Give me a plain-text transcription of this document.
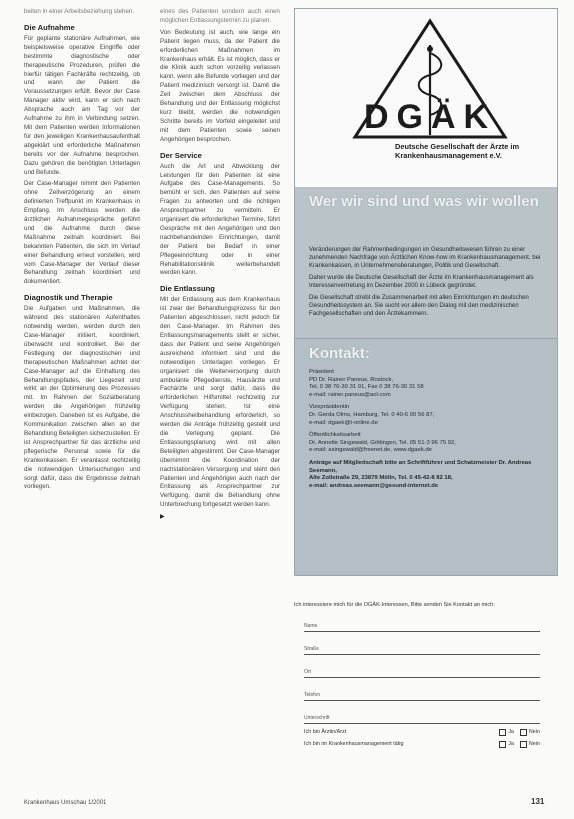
beiten in einer Arbeitsbeziehung stehen.

Die Aufnahme

Für geplante stationäre Aufnahmen, wie beispielsweise operative Eingriffe oder bestimmte diagnostische oder therapeutische Prozeduren, prüfen die hierfür tätigen Fachkräfte rechtzeitig, ob und wann der Patient die Voraussetzungen erfüllt. Bevor der Case Manager aktiv wird, kann er sich nach Absprache auch am Tag vor der Aufnahme zu ihm in Verbindung setzen. Mit dem Patienten werden Informationen für den jeweiligen Krankenhausaufenthalt abgeklärt und erforderliche Maßnahmen bereits vor der Aufnahme besprochen. Dazu gehören die benötigten Unterlagen und Befunde.

Der Case-Manager nimmt den Patienten ohne Zeitverzögerung an einem definierten Treffpunkt im Krankenhaus in Empfang. Im Anschluss werden die ärztlichen Aufnahmegespräche geführt und die Aufnahme durch diese Maßnahme zeitnah koordiniert. Bei bekannten Patienten, die sich im Verlauf einer Behandlung erneut vorstellen, wird vom Case-Manager der Verlauf dieser Behandlung zeitnah koordiniert und dokumentiert.

Diagnostik und Therapie

Die Aufgaben und Maßnahmen, die während des stationären Aufenthaltes notwendig werden, werden durch den Case-Manager initiiert, koordiniert, überwacht und kontrolliert. Bei der Festlegung der diagnostischen und therapeutischen Maßnahmen achtet der Case-Manager auf die Einhaltung des Behandlungspfades, der Liegezeit und wirkt an der Optimierung des Prozesses mit. Im Rahmen der Sozialberatung werden die Angehörigen frühzeitig einbezogen. Daneben ist es Aufgabe, die Kommunikation zwischen allen an der Behandlung Beteiligten sicherzustellen. Er ist Ansprechpartner für das ärztliche und pflegerische Personal sowie für die Krankenkassen. Er veranlasst rechtzeitig die notwendigen Untersuchungen und sorgt dafür, dass die Ergebnisse zeitnah vorliegen.

eines des Patienten sondern auch einen möglichen Entlassungstermin zu planen.

Von Bedeutung ist auch, wie lange ein Patient liegen muss, da der Patient die erforderlichen Maßnahmen im Krankenhaus erhält. Es ist möglich, dass er die Klinik auch schon vorzeitig verlassen kann, wenn alle Befunde vorliegen und der Patient medizinisch versorgt ist. Damit die Zeit zwischen dem Abschluss der Behandlung und der Entlassung möglichst kurz bleibt, werden die notwendigen Schritte bereits im Vorfeld eingeleitet und mit dem Patienten sowie seinen Angehörigen besprochen.

Der Service

Auch die Art und Abwicklung der Leistungen für den Patienten ist eine Aufgabe des Case-Managements. So bemüht er sich, den Patienten auf seine Fragen zu antworten und die richtigen Ansprechpartner zu vermitteln. Er organisiert die erforderlichen Termine, führt Gespräche mit den Angehörigen und den nachbehandelnden Einrichtungen, damit der Patient bei Bedarf in einer Pflegeeinrichtung oder in einer Rehabilitationsklinik weiterbehandelt werden kann.

Die Entlassung

Mit der Entlassung aus dem Krankenhaus ist zwar der Behandlungsprozess für den Patienten abgeschlossen, nicht jedoch für den Case-Manager. Im Rahmen des Entlassungsmanagements stellt er sicher, dass der Patient und seine Angehörigen ausreichend informiert sind und die notwendigen Unterlagen vorliegen. Er organisiert die Weiterversorgung durch ambulante Pflegedienste, Hausärzte und Fachärzte und sorgt dafür, dass die erforderlichen Hilfsmittel rechtzeitig zur Verfügung stehen. Ist eine Anschlussheilbehandlung erforderlich, so werden die Anträge frühzeitig gestellt und die Verlegung geplant. Die Entlassungsplanung wird mit allen Beteiligten abgestimmt. Der Case-Manager übernimmt die Koordination der nachstationären Versorgung und steht den Patienten und Angehörigen auch nach der Entlassung als Ansprechpartner zur Verfügung, damit die Behandlung ohne Unterbrechung fortgesetzt werden kann.

▶
DGÄK
Deutsche Gesellschaft der Ärzte im Krankenhausmanagement e.V.
Wer wir sind und was wir wollen

Veränderungen der Rahmenbedingungen im Gesundheitswesen führen zu einer zunehmenden Nachfrage von Ärztlichen Know-how im Krankenhausmanagement, bei Krankenkassen, in Unternehmensberatungen, Politik und Gesellschaft.

Daher wurde die Deutsche Gesellschaft der Ärzte im Krankenhausmanagement als Interessenvertretung im Dezember 2000 in Lübeck gegründet.

Die Gesellschaft strebt die Zusammenarbeit mit allen Einrichtungen im deutschen Gesundheitssystem an. Sie sucht vor allem den Dialog mit den medizinischen Fachgesellschaften und den Ärztekammern.

Kontakt:
Präsident
PD Dr. Rainer Paneus, Rostock,
Tel. 0 38 76-30 31 91, Fax 0 38 76-30 31 58
e-mail: rainer.paneus@aol.com
Vizepräsidentin
Dr. Gerda Olms, Hamburg, Tel. 0 40-6 00 56 87,
e-mail: dgaek@t-online.de
Öffentlichkeitsarbeit
Dr. Annette Singewald, Göttingen, Tel. 05 51-3 96 75 92,
e-mail: asingewald@freenet.de, www.dgaek.de
Anträge auf Mitgliedschaft bitte an Schriftführer und Schatzmeister Dr. Andreas Seemann,
Alte Zollstraße 29, 23879 Mölln, Tel. 0 45-42-8 82 18,
e-mail: andreas.seemann@gesund-internet.de
Ich interessiere mich für die DGÄK-Interessen, Bitte senden Sie Kontakt an mich:
Name
Straße
Ort
Telefon
Unterschrift
Ich bin Ärztin/Arzt	Ja	Nein
Ich bin im Krankenhausmanagement tätig	Ja	Nein
Krankenhaus Umschau 1/2001	131
